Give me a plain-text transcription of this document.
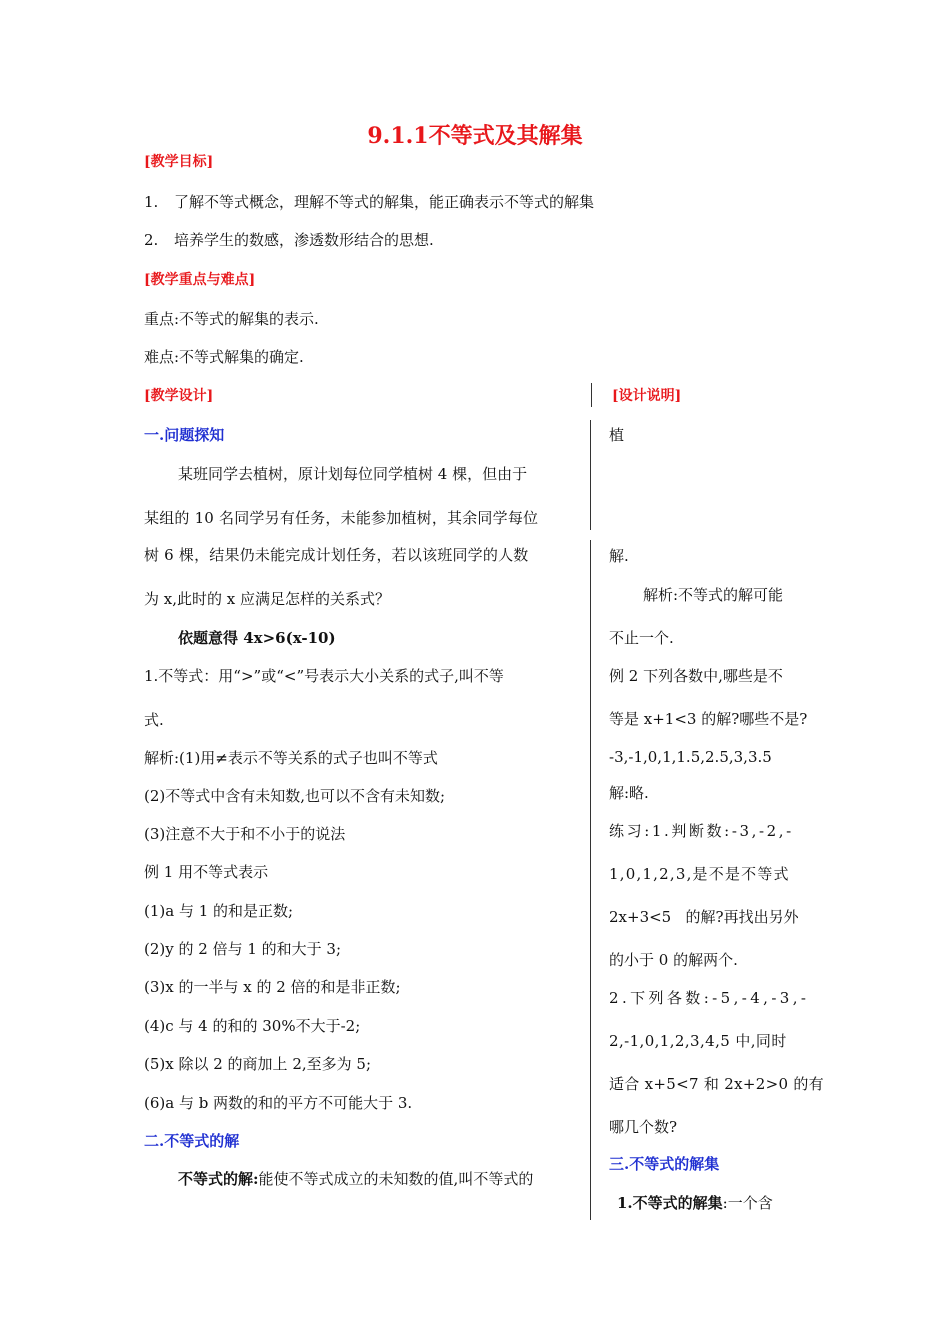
9.1.1不等式及其解集
[教学目标]
1. 了解不等式概念，理解不等式的解集，能正确表示不等式的解集
2. 培养学生的数感，渗透数形结合的思想.
[教学重点与难点]
重点:不等式的解集的表示.
难点:不等式解集的确定.
[教学设计]	[设计说明]
一.问题探知
某班同学去植树，原计划每位同学植树 4 棵，但由于
某组的 10 名同学另有任务，未能参加植树，其余同学每位
树 6 棵，结果仍未能完成计划任务，若以该班同学的人数
为 x,此时的 x 应满足怎样的关系式？
依题意得 4x>6(x-10)
1.不等式：用“>”或“<”号表示大小关系的式子,叫不等
式.
解析:(1)用≠表示不等关系的式子也叫不等式
(2)不等式中含有未知数,也可以不含有未知数;
(3)注意不大于和不小于的说法
例 1 用不等式表示
(1)a 与 1 的和是正数;
(2)y 的 2 倍与 1 的和大于 3;
(3)x 的一半与 x 的 2 倍的和是非正数;
(4)c 与 4 的和的 30%不大于-2;
(5)x 除以 2 的商加上 2,至多为 5;
(6)a 与 b 两数的和的平方不可能大于 3.
二.不等式的解
不等式的解:能使不等式成立的未知数的值,叫不等式的
植
解.
解析:不等式的解可能
不止一个.
例 2 下列各数中,哪些是不
等是 x+1<3 的解?哪些不是?
-3,-1,0,1,1.5,2.5,3,3.5
解:略.
练习:1.判断数:-3,-2,-
1,0,1,2,3,是不是不等式
2x+3<5   的解?再找出另外
的小于 0 的解两个.
2.下列各数:-5,-4,-3,-
2,-1,0,1,2,3,4,5 中,同时
适合 x+5<7 和 2x+2>0 的有
哪几个数?
三.不等式的解集
1.不等式的解集:一个含
